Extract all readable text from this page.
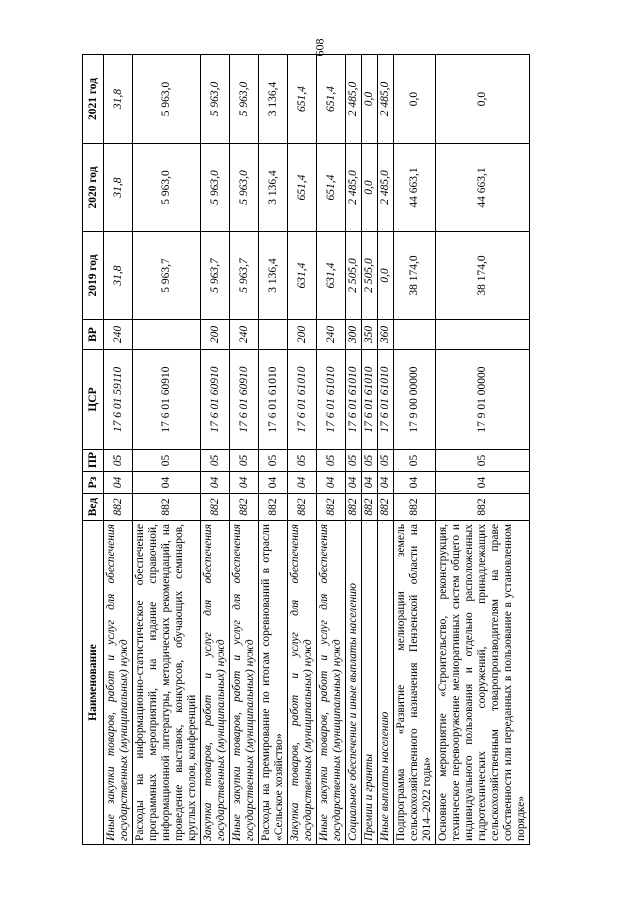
608
Наименование	Вед	Рз	ПР	ЦСР	ВР	2019 год	2020 год	2021 год
Иные закупки товаров, работ и услуг для обеспечения государственных (муниципальных) нужд	882	04	05	17 6 01 59110	240	31,8	31,8	31,8
Расходы на информационно-статистическое обеспечение программных мероприятий, на издание справочной, информационной литературы, методических рекомендаций, на проведение выставок, конкурсов, обучающих семинаров, круглых столов, конференций	882	04	05	17 6 01 60910		5 963,7	5 963,0	5 963,0
Закупка товаров, работ и услуг для обеспечения государственных (муниципальных) нужд	882	04	05	17 6 01 60910	200	5 963,7	5 963,0	5 963,0
Иные закупки товаров, работ и услуг для обеспечения государственных (муниципальных) нужд	882	04	05	17 6 01 60910	240	5 963,7	5 963,0	5 963,0
Расходы на премирование по итогам соревнований в отрасли «Сельское хозяйство»	882	04	05	17 6 01 61010		3 136,4	3 136,4	3 136,4
Закупка товаров, работ и услуг для обеспечения государственных (муниципальных) нужд	882	04	05	17 6 01 61010	200	631,4	651,4	651,4
Иные закупки товаров, работ и услуг для обеспечения государственных (муниципальных) нужд	882	04	05	17 6 01 61010	240	631,4	651,4	651,4
Социальное обеспечение и иные выплаты населению	882	04	05	17 6 01 61010	300	2 505,0	2 485,0	2 485,0
Премии и гранты	882	04	05	17 6 01 61010	350	2 505,0	0,0	0,0
Иные выплаты населению	882	04	05	17 6 01 61010	360	0,0	2 485,0	2 485,0
Подпрограмма «Развитие мелиорации земель сельскохозяйственного назначения Пензенской области на 2014–2022 годы»	882	04	05	17 9 00 00000		38 174,0	44 663,1	0,0
Основное мероприятие «Строительство, реконструкция, техническое перевооружение мелиоративных систем общего и индивидуального пользования и отдельно расположенных гидротехнических сооружений, принадлежащих сельскохозяйственным товаропроизводителям на праве собственности или переданных в пользование в установленном порядке»	882	04	05	17 9 01 00000		38 174,0	44 663,1	0,0
